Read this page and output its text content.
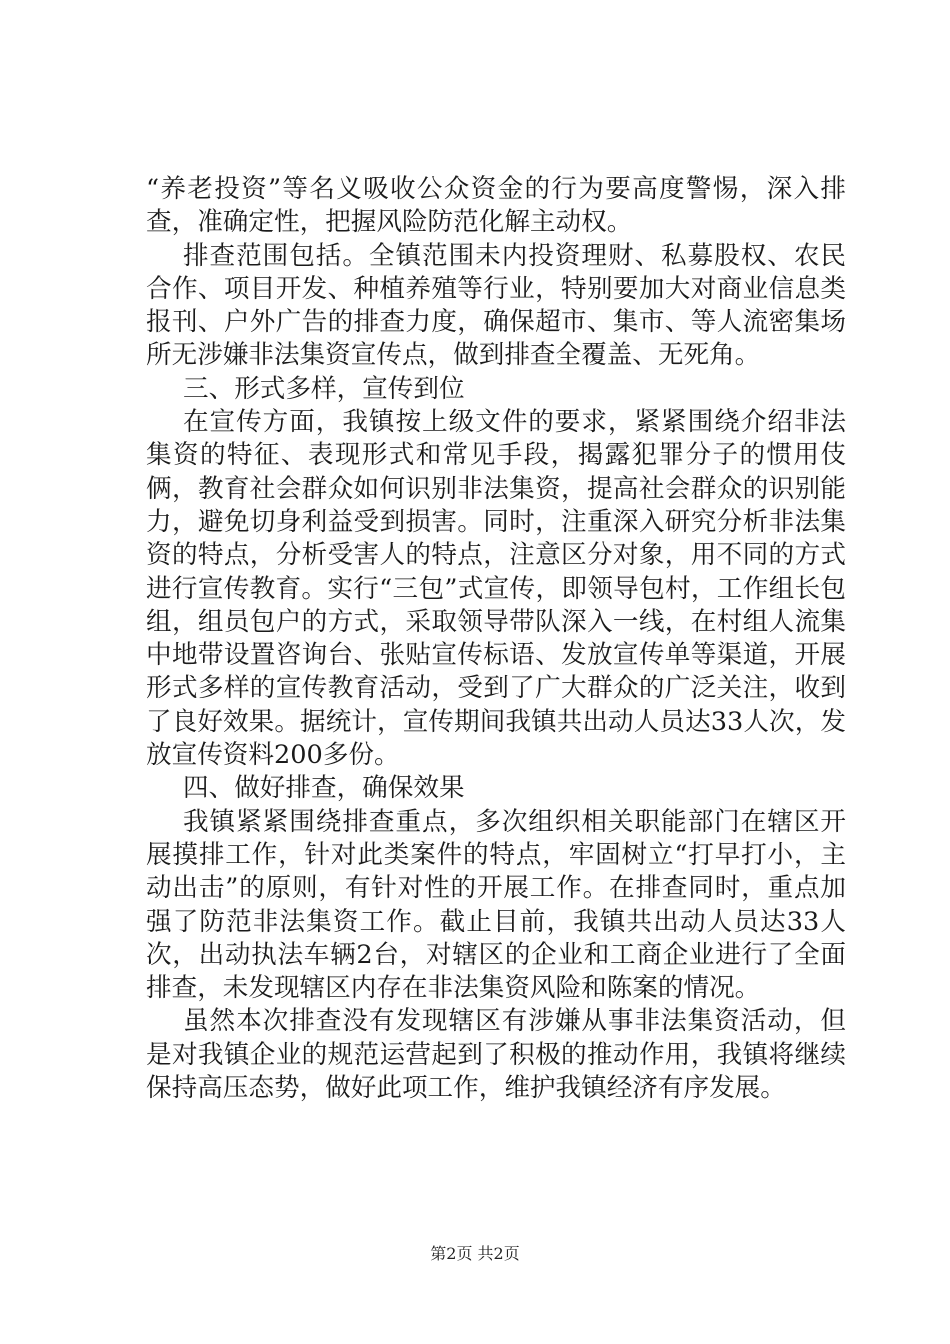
“养老投资”等名义吸收公众资金的行为要高度警惕，深入排查，准确定性，把握风险防范化解主动权。

排查范围包括。全镇范围未内投资理财、私募股权、农民合作、项目开发、种植养殖等行业，特别要加大对商业信息类报刊、户外广告的排查力度，确保超市、集市、等人流密集场所无涉嫌非法集资宣传点，做到排查全覆盖、无死角。

三、形式多样，宣传到位

在宣传方面，我镇按上级文件的要求，紧紧围绕介绍非法集资的特征、表现形式和常见手段，揭露犯罪分子的惯用伎俩，教育社会群众如何识别非法集资，提高社会群众的识别能力，避免切身利益受到损害。同时，注重深入研究分析非法集资的特点，分析受害人的特点，注意区分对象，用不同的方式进行宣传教育。实行“三包”式宣传，即领导包村，工作组长包组，组员包户的方式，采取领导带队深入一线，在村组人流集中地带设置咨询台、张贴宣传标语、发放宣传单等渠道，开展形式多样的宣传教育活动，受到了广大群众的广泛关注，收到了良好效果。据统计，宣传期间我镇共出动人员达33人次，发放宣传资料200多份。

四、做好排查，确保效果

我镇紧紧围绕排查重点，多次组织相关职能部门在辖区开展摸排工作，针对此类案件的特点，牢固树立“打早打小，主动出击”的原则，有针对性的开展工作。在排查同时，重点加强了防范非法集资工作。截止目前，我镇共出动人员达33人次，出动执法车辆2台，对辖区的企业和工商企业进行了全面排查，未发现辖区内存在非法集资风险和陈案的情况。

虽然本次排查没有发现辖区有涉嫌从事非法集资活动，但是对我镇企业的规范运营起到了积极的推动作用，我镇将继续保持高压态势，做好此项工作，维护我镇经济有序发展。

第2页 共2页
